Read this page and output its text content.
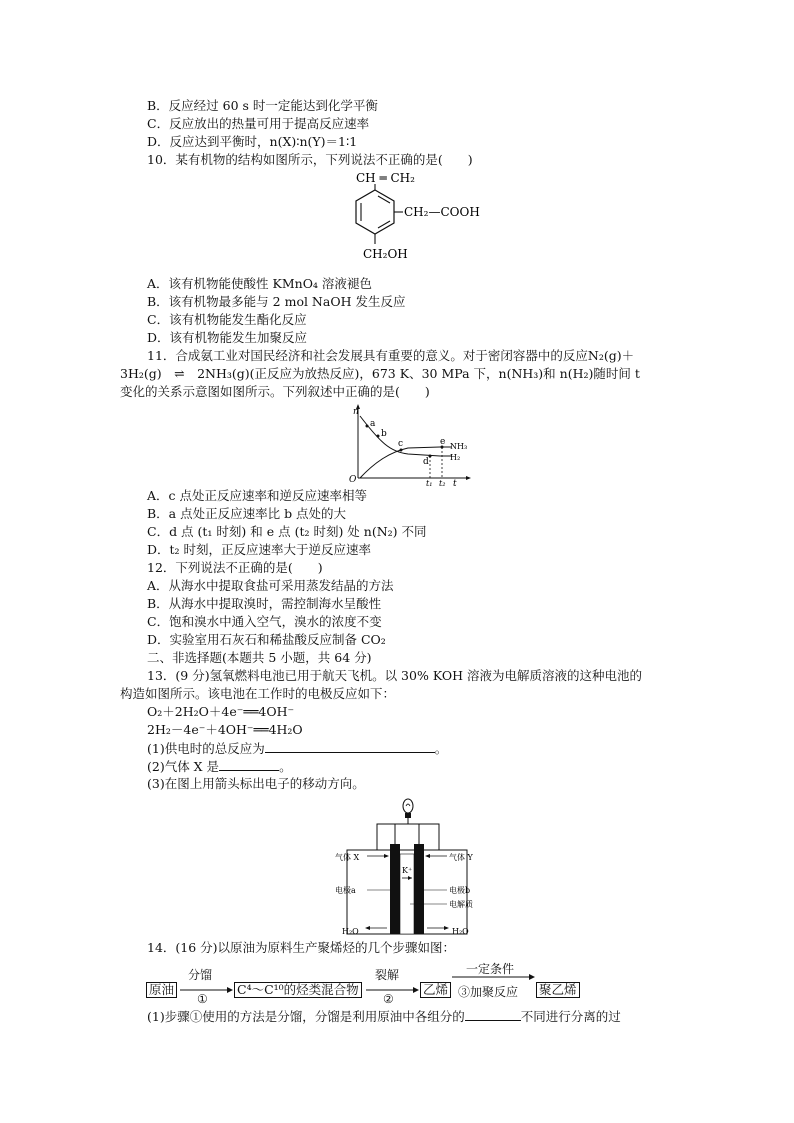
B．反应经过 60 s 时一定能达到化学平衡
C．反应放出的热量可用于提高反应速率
D．反应达到平衡时，n(X)∶n(Y)＝1∶1
10．某有机物的结构如图所示，下列说法不正确的是(　　)
CH ═ CH₂
CH₂—COOH
CH₂OH
A．该有机物能使酸性 KMnO₄ 溶液褪色
B．该有机物最多能与 2 mol NaOH 发生反应
C．该有机物能发生酯化反应
D．该有机物能发生加聚反应
11．合成氨工业对国民经济和社会发展具有重要的意义。对于密闭容器中的反应N₂(g)＋
3H₂(g)　⇌　2NH₃(g)(正反应为放热反应)，673 K、30 MPa 下，n(NH₃)和 n(H₂)随时间 t
变化的关系示意图如图所示。下列叙述中正确的是(　　)
n
a
b
c
d
e NH₃
H₂
O	t₁ t₂ t
A．c 点处正反应速率和逆反应速率相等
B．a 点处正反应速率比 b 点处的大
C．d 点 (t₁ 时刻) 和 e 点 (t₂ 时刻) 处 n(N₂) 不同
D．t₂ 时刻，正反应速率大于逆反应速率
12．下列说法不正确的是(　　)
A．从海水中提取食盐可采用蒸发结晶的方法
B．从海水中提取溴时，需控制海水呈酸性
C．饱和溴水中通入空气，溴水的浓度不变
D．实验室用石灰石和稀盐酸反应制备 CO₂
二、非选择题(本题共 5 小题，共 64 分)
13．(9 分)氢氧燃料电池已用于航天飞机。以 30% KOH 溶液为电解质溶液的这种电池的
构造如图所示。该电池在工作时的电极反应如下：
O₂＋2H₂O＋4e⁻══4OH⁻
2H₂－4e⁻＋4OH⁻══4H₂O
(1)供电时的总反应为	。
(2)气体 X 是	。
(3)在图上用箭头标出电子的移动方向。
气体 X	气体 Y
K⁺
电极a	电极b
电解质
H₂O	H₂O
14．(16 分)以原油为原料生产聚烯烃的几个步骤如图：
原油
分馏
①
C⁴～C¹⁰的烃类混合物
裂解
②
乙烯
一定条件
③加聚反应 聚乙烯
(1)步骤①使用的方法是分馏，分馏是利用原油中各组分的	不同进行分离的过
